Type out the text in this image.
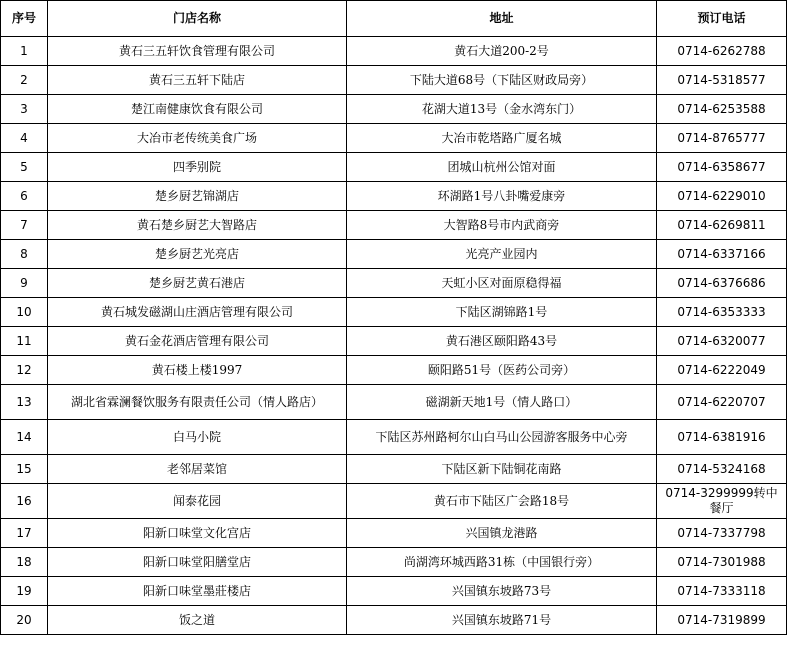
序号	门店名称	地址	预订电话
1	黄石三五轩饮食管理有限公司	黄石大道200-2号	0714-6262788
2	黄石三五轩下陆店	下陆大道68号（下陆区财政局旁）	0714-5318577
3	楚江南健康饮食有限公司	花湖大道13号（金水湾东门）	0714-6253588
4	大冶市老传统美食广场	大冶市乾塔路广厦名城	0714-8765777
5	四季别院	团城山杭州公馆对面	0714-6358677
6	楚乡厨艺锦湖店	环湖路1号八卦嘴爱康旁	0714-6229010
7	黄石楚乡厨艺大智路店	大智路8号市内武商旁	0714-6269811
8	楚乡厨艺光亮店	光亮产业园内	0714-6337166
9	楚乡厨艺黄石港店	天虹小区对面原稳得福	0714-6376686
10	黄石城发磁湖山庄酒店管理有限公司	下陆区湖锦路1号	0714-6353333
11	黄石金花酒店管理有限公司	黄石港区颐阳路43号	0714-6320077
12	黄石楼上楼1997	颐阳路51号（医药公司旁）	0714-6222049
13	湖北省霖澜餐饮服务有限责任公司（情人路店）	磁湖新天地1号（情人路口）	0714-6220707
14	白马小院	下陆区苏州路柯尔山白马山公园游客服务中心旁	0714-6381916
15	老邻居菜馆	下陆区新下陆铜花南路	0714-5324168
16	闻泰花园	黄石市下陆区广会路18号	0714-3299999转中餐厅
17	阳新口味堂文化宫店	兴国镇龙港路	0714-7337798
18	阳新口味堂阳膳堂店	尚湖湾环城西路31栋（中国银行旁）	0714-7301988
19	阳新口味堂墨莊楼店	兴国镇东坡路73号	0714-7333118
20	饭之道	兴国镇东坡路71号	0714-7319899
